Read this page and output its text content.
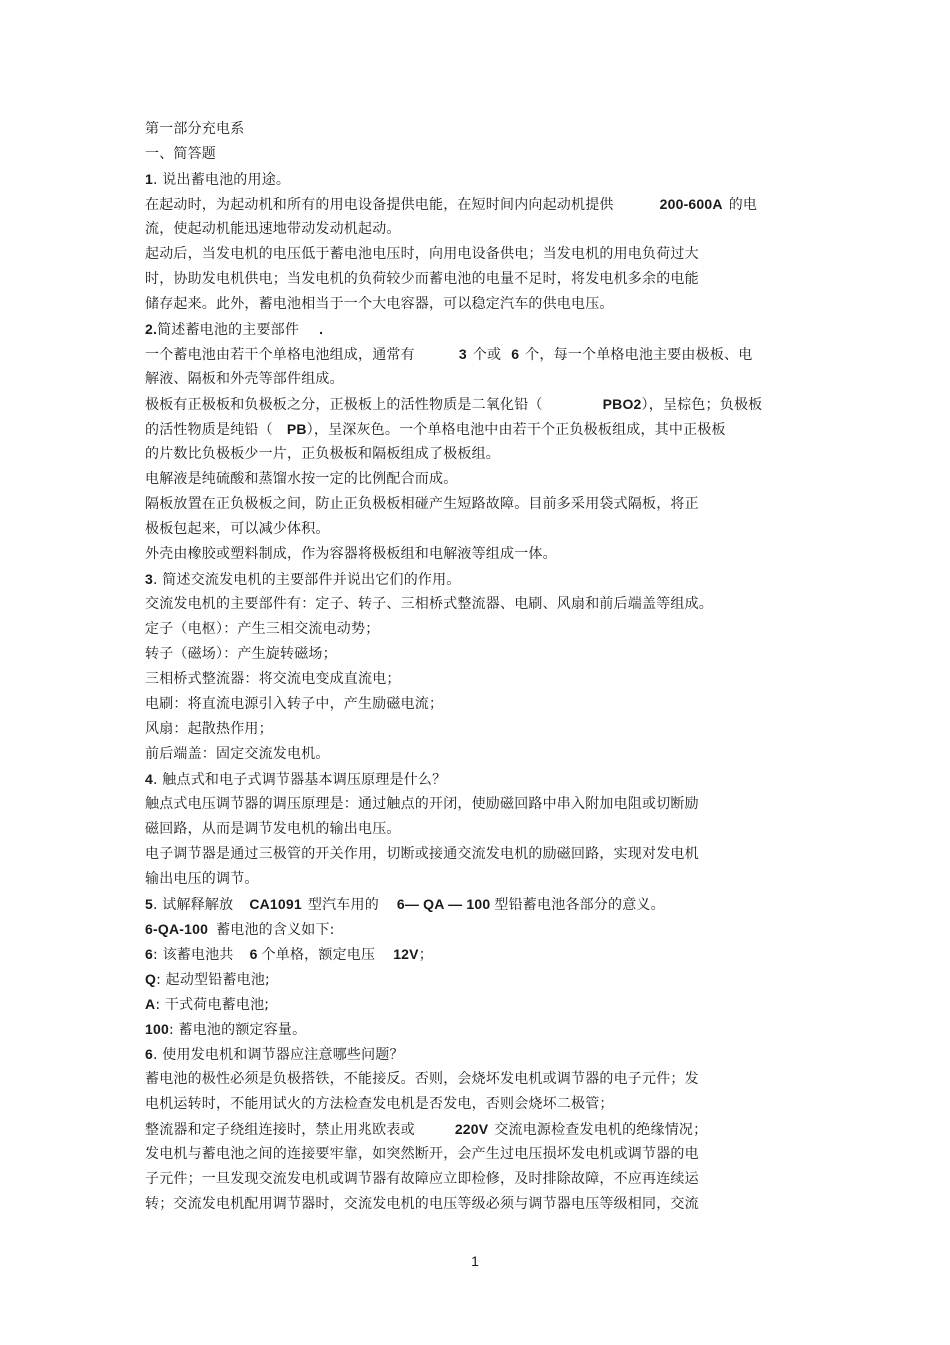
第一部分充电系
一、简答题
1. 说出蓄电池的用途。
在起动时，为起动机和所有的用电设备提供电能，在短时间内向起动机提供	200-600A 的电
流，使起动机能迅速地带动发动机起动。
起动后，当发电机的电压低于蓄电池电压时，向用电设备供电；当发电机的用电负荷过大
时，协助发电机供电；当发电机的负荷较少而蓄电池的电量不足时，将发电机多余的电能
储存起来。此外，蓄电池相当于一个大电容器，可以稳定汽车的供电电压。
2.简述蓄电池的主要部件 .
一个蓄电池由若干个单格电池组成，通常有	3 个或 6 个，每一个单格电池主要由极板、电
解液、隔板和外壳等部件组成。
极板有正极板和负极板之分，正极板上的活性物质是二氧化铅（	PBO2），呈棕色；负极板
的活性物质是纯铅（ PB），呈深灰色。一个单格电池中由若干个正负极板组成，其中正极板
的片数比负极板少一片，正负极板和隔板组成了极板组。
电解液是纯硫酸和蒸馏水按一定的比例配合而成。
隔板放置在正负极板之间，防止正负极板相碰产生短路故障。目前多采用袋式隔板，将正
极板包起来，可以减少体积。
外壳由橡胶或塑料制成，作为容器将极板组和电解液等组成一体。
3. 简述交流发电机的主要部件并说出它们的作用。
交流发电机的主要部件有：定子、转子、三相桥式整流器、电刷、风扇和前后端盖等组成。
定子（电枢）：产生三相交流电动势；
转子（磁场）：产生旋转磁场；
三相桥式整流器：将交流电变成直流电；
电刷：将直流电源引入转子中，产生励磁电流；
风扇：起散热作用；
前后端盖：固定交流发电机。
4. 触点式和电子式调节器基本调压原理是什么？
触点式电压调节器的调压原理是：通过触点的开闭，使励磁回路中串入附加电阻或切断励
磁回路，从而是调节发电机的输出电压。
电子调节器是通过三极管的开关作用，切断或接通交流发电机的励磁回路，实现对发电机
输出电压的调节。
5. 试解释解放 CA1091 型汽车用的 6— QA — 100 型铅蓄电池各部分的意义。
6-QA-100 蓄电池的含义如下:
6: 该蓄电池共 6 个单格，额定电压 12V；
Q: 起动型铅蓄电池;
A: 干式荷电蓄电池;
100: 蓄电池的额定容量。
6. 使用发电机和调节器应注意哪些问题？
蓄电池的极性必须是负极搭铁，不能接反。否则，会烧坏发电机或调节器的电子元件；发
电机运转时，不能用试火的方法检查发电机是否发电，否则会烧坏二极管；
整流器和定子绕组连接时，禁止用兆欧表或	220V 交流电源检查发电机的绝缘情况；
发电机与蓄电池之间的连接要牢靠，如突然断开，会产生过电压损坏发电机或调节器的电
子元件；一旦发现交流发电机或调节器有故障应立即检修，及时排除故障，不应再连续运
转；交流发电机配用调节器时，交流发电机的电压等级必须与调节器电压等级相同，交流
1
